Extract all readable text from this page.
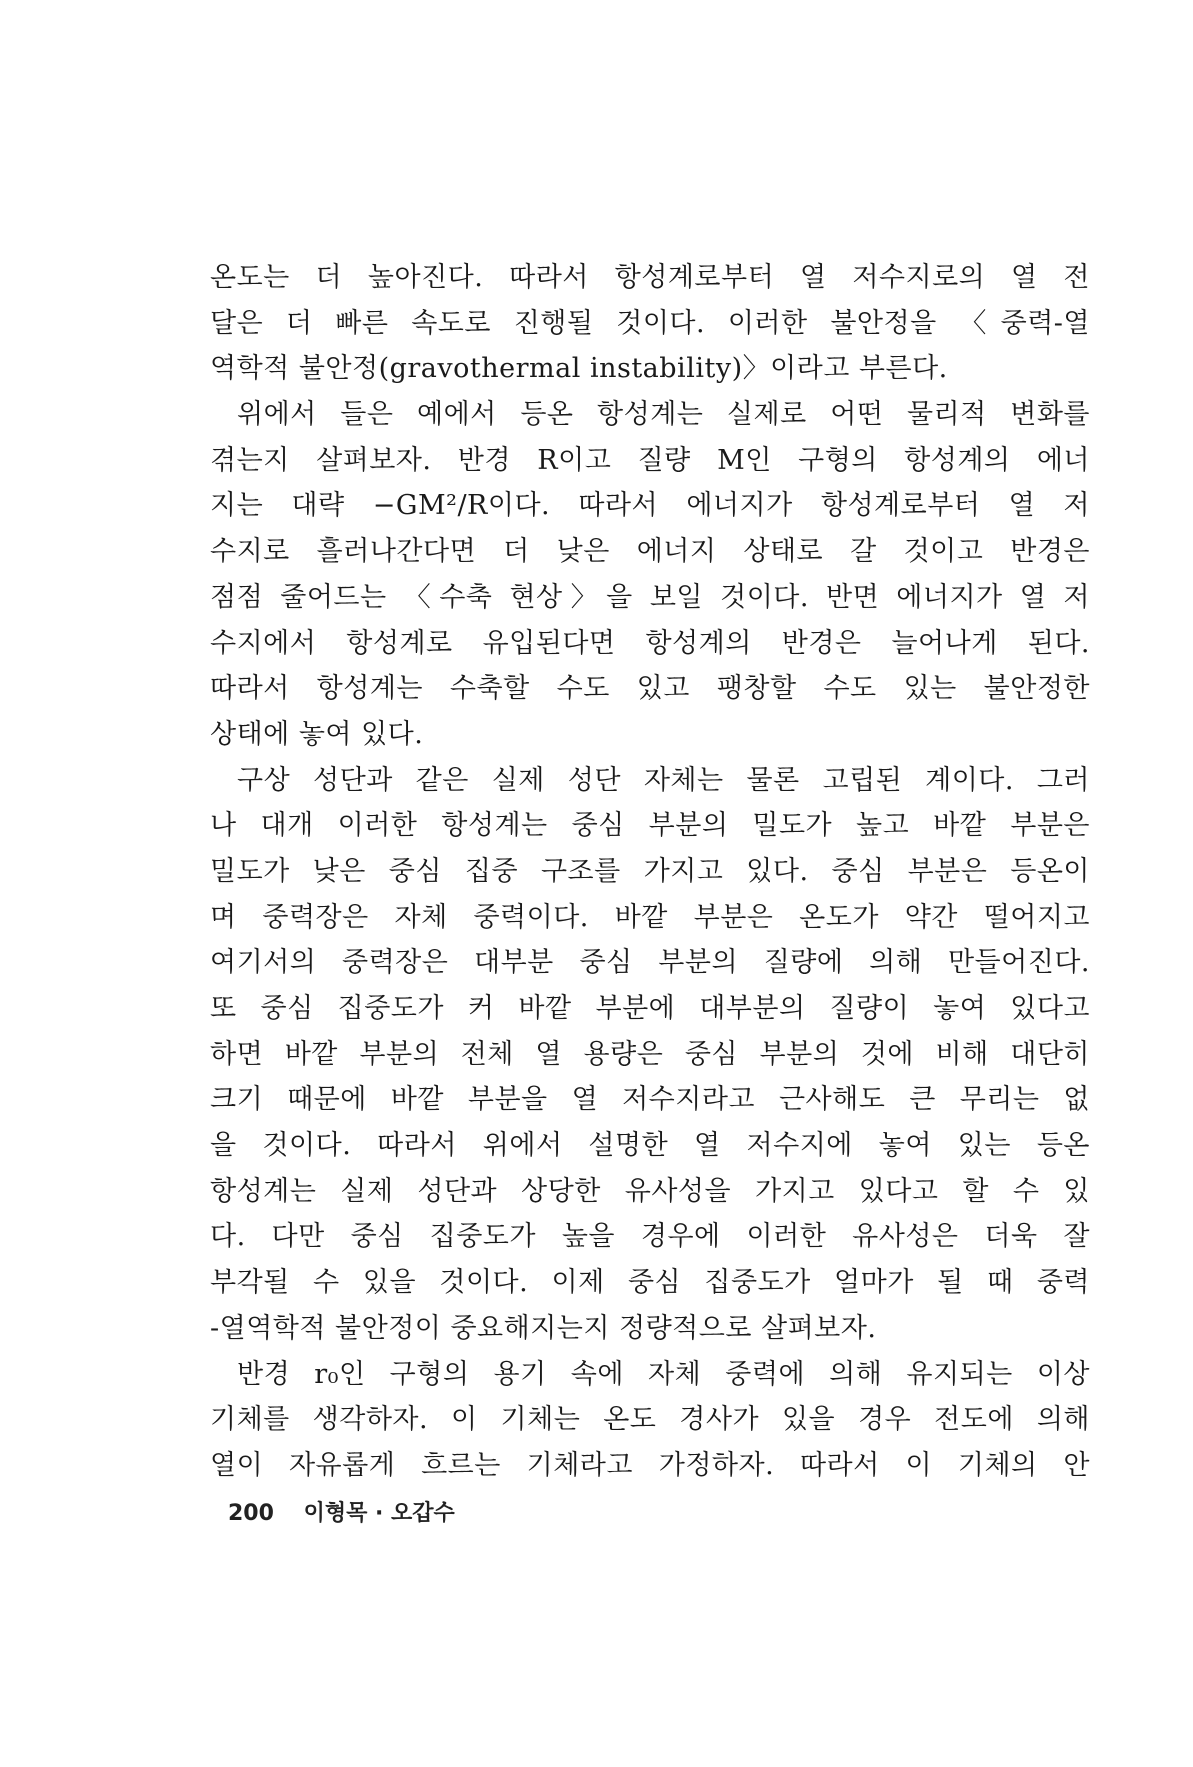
온도는 더 높아진다. 따라서 항성계로부터 열 저수지로의 열 전
달은 더 빠른 속도로 진행될 것이다. 이러한 불안정을 〈중력-열
역학적 불안정(gravothermal instability)〉이라고 부른다.
위에서 들은 예에서 등온 항성계는 실제로 어떤 물리적 변화를
겪는지 살펴보자. 반경 R이고 질량 M인 구형의 항성계의 에너
지는 대략 −GM²/R이다. 따라서 에너지가 항성계로부터 열 저
수지로 흘러나간다면 더 낮은 에너지 상태로 갈 것이고 반경은
점점 줄어드는 〈수축 현상〉을 보일 것이다. 반면 에너지가 열 저
수지에서 항성계로 유입된다면 항성계의 반경은 늘어나게 된다.
따라서 항성계는 수축할 수도 있고 팽창할 수도 있는 불안정한
상태에 놓여 있다.
구상 성단과 같은 실제 성단 자체는 물론 고립된 계이다. 그러
나 대개 이러한 항성계는 중심 부분의 밀도가 높고 바깥 부분은
밀도가 낮은 중심 집중 구조를 가지고 있다. 중심 부분은 등온이
며 중력장은 자체 중력이다. 바깥 부분은 온도가 약간 떨어지고
여기서의 중력장은 대부분 중심 부분의 질량에 의해 만들어진다.
또 중심 집중도가 커 바깥 부분에 대부분의 질량이 놓여 있다고
하면 바깥 부분의 전체 열 용량은 중심 부분의 것에 비해 대단히
크기 때문에 바깥 부분을 열 저수지라고 근사해도 큰 무리는 없
을 것이다. 따라서 위에서 설명한 열 저수지에 놓여 있는 등온
항성계는 실제 성단과 상당한 유사성을 가지고 있다고 할 수 있
다. 다만 중심 집중도가 높을 경우에 이러한 유사성은 더욱 잘
부각될 수 있을 것이다. 이제 중심 집중도가 얼마가 될 때 중력
-열역학적 불안정이 중요해지는지 정량적으로 살펴보자.
반경 r₀인 구형의 용기 속에 자체 중력에 의해 유지되는 이상
기체를 생각하자. 이 기체는 온도 경사가 있을 경우 전도에 의해
열이 자유롭게 흐르는 기체라고 가정하자. 따라서 이 기체의 안
200 이형목 · 오갑수
